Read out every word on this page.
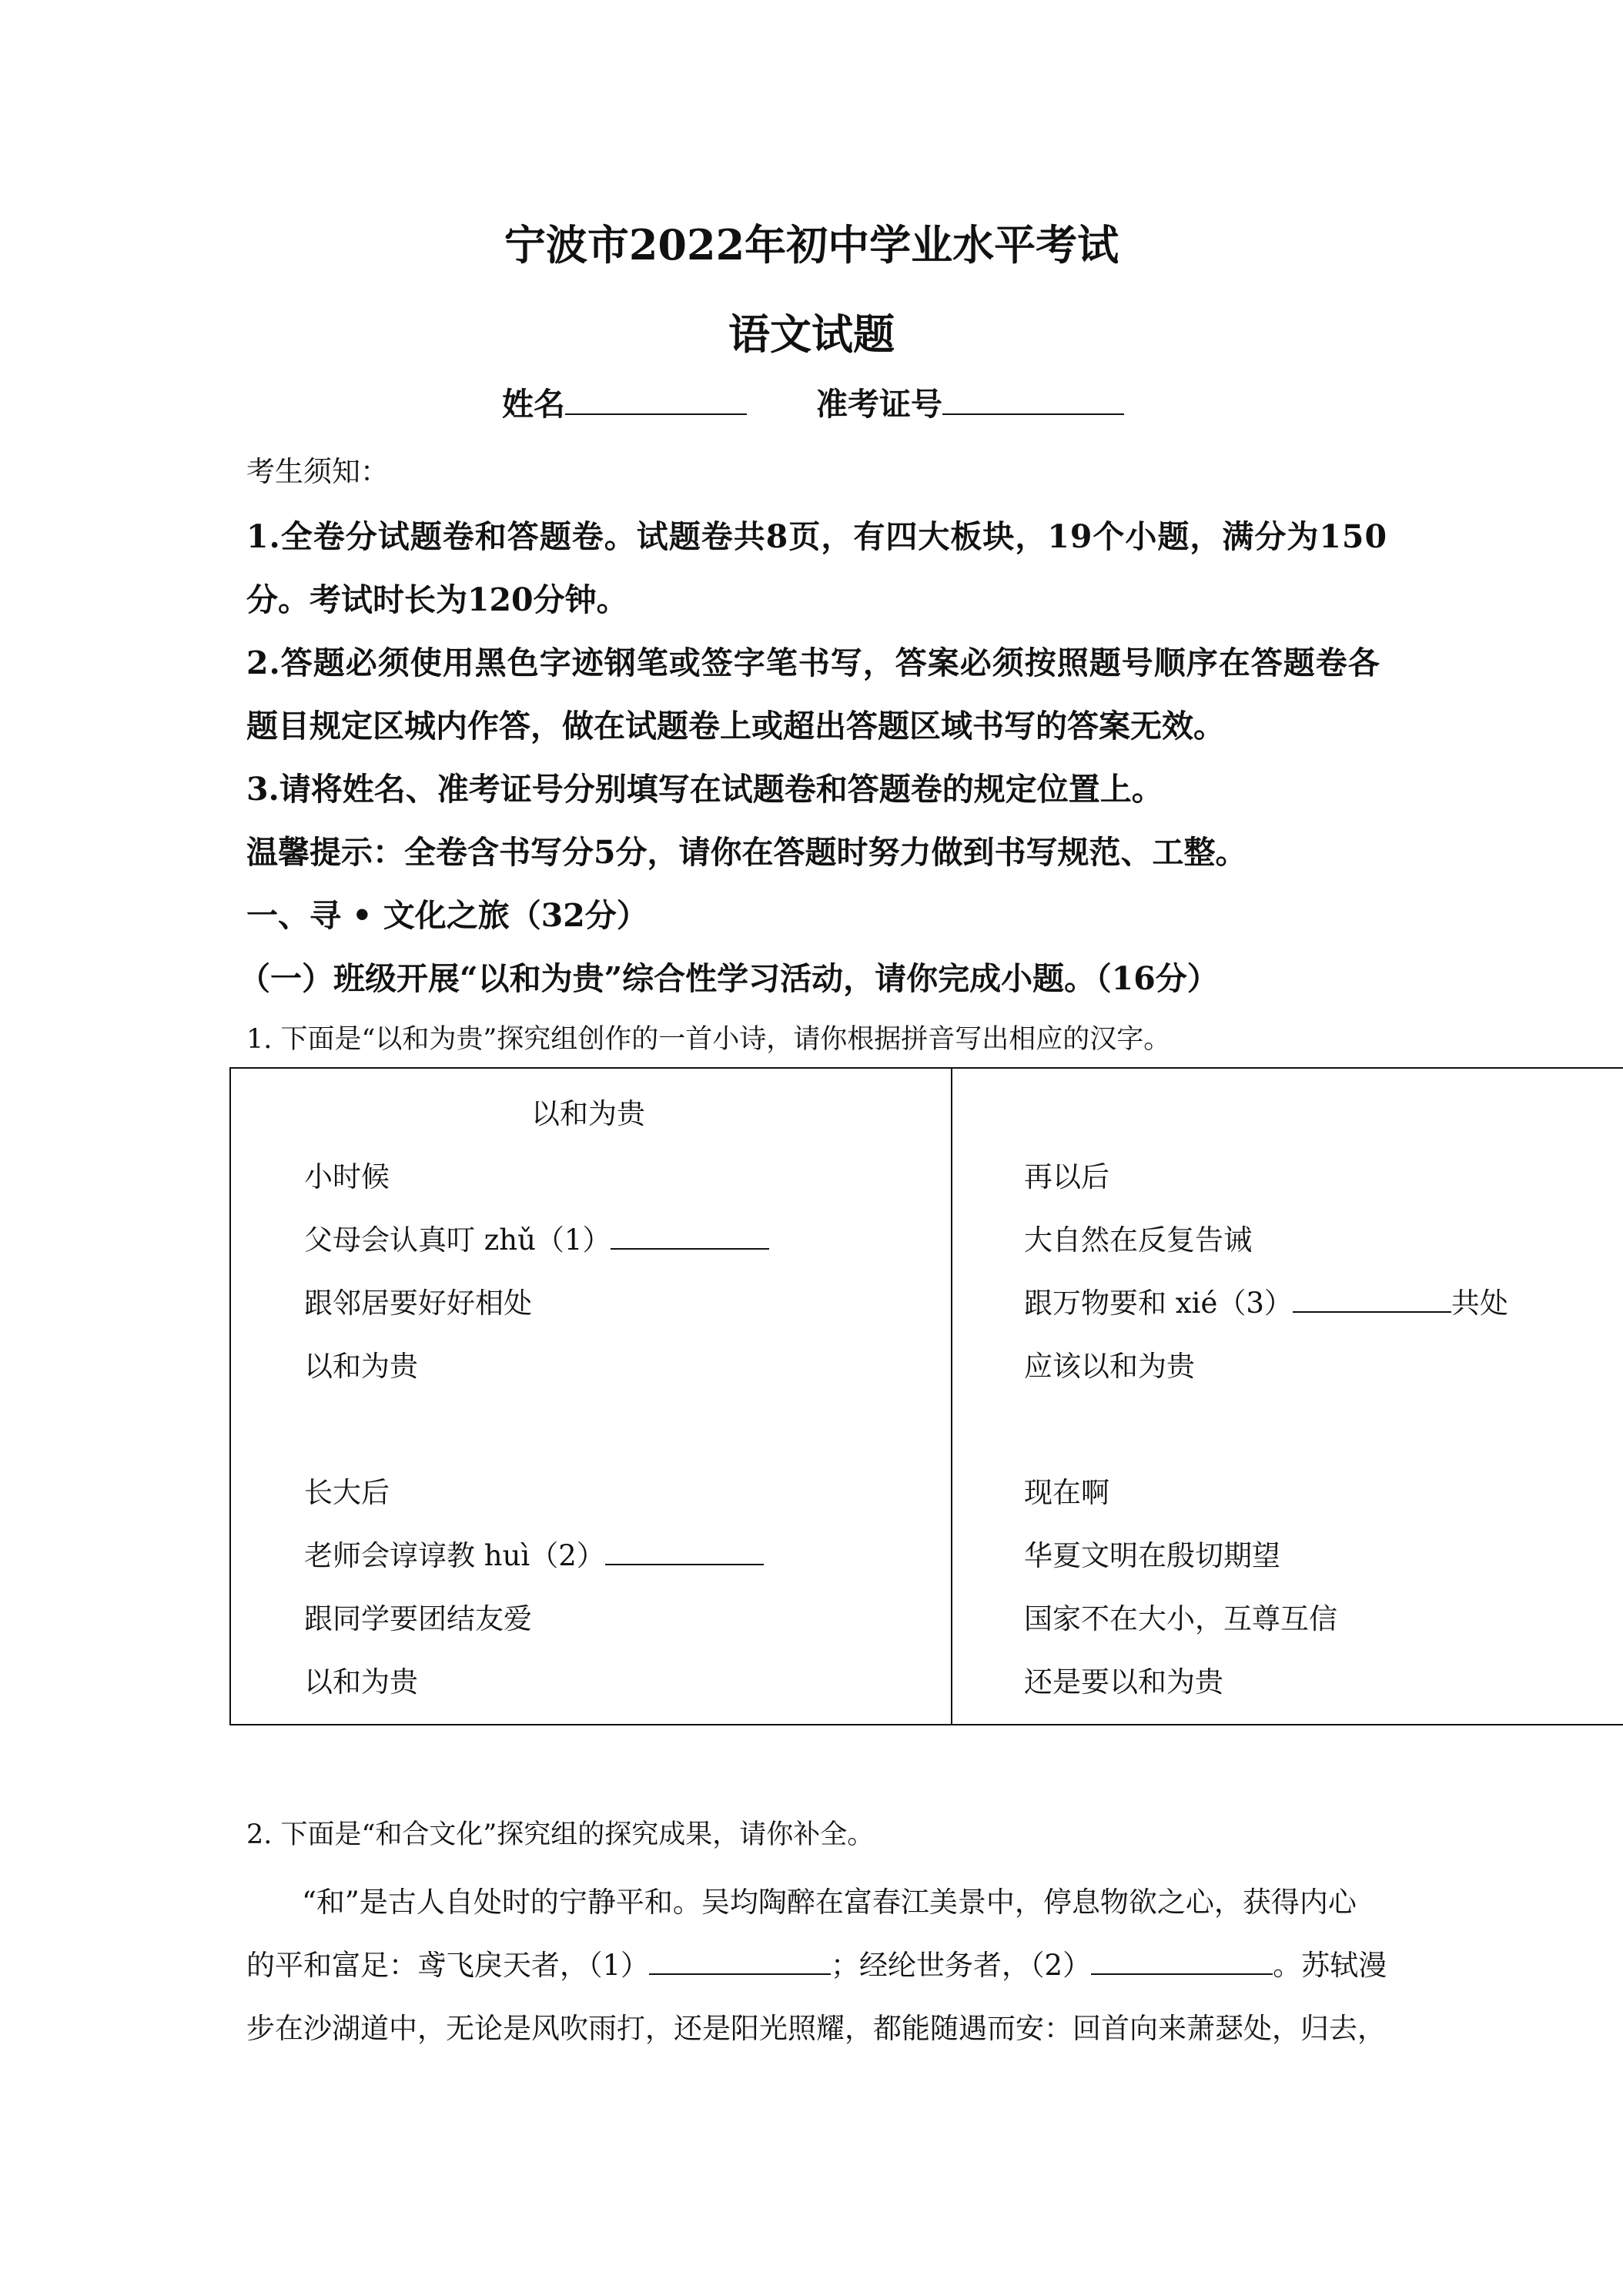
宁波市2022年初中学业水平考试
语文试题
姓名	准考证号
考生须知：
1.全卷分试题卷和答题卷。试题卷共8页，有四大板块，19个小题，满分为150
分。考试时长为120分钟。
2.答题必须使用黑色字迹钢笔或签字笔书写，答案必须按照题号顺序在答题卷各
题目规定区城内作答，做在试题卷上或超出答题区域书写的答案无效。
3.请将姓名、准考证号分别填写在试题卷和答题卷的规定位置上。
温馨提示：全卷含书写分5分，请你在答题时努力做到书写规范、工整。
一、寻 • 文化之旅（32分）
（一）班级开展“以和为贵”综合性学习活动，请你完成小题。（16分）
1. 下面是“以和为贵”探究组创作的一首小诗，请你根据拼音写出相应的汉字。
以和为贵
小时候
父母会认真叮 zhǔ（1）
跟邻居要好好相处
以和为贵
长大后
老师会谆谆教 huì（2）
跟同学要团结友爱
以和为贵
再以后
大自然在反复告诫
跟万物要和 xié（3）	共处
应该以和为贵
现在啊
华夏文明在殷切期望
国家不在大小，互尊互信
还是要以和为贵
2. 下面是“和合文化”探究组的探究成果，请你补全。
“和”是古人自处时的宁静平和。吴均陶醉在富春江美景中，停息物欲之心，获得内心
的平和富足：鸢飞戾天者，（1）	；经纶世务者，（2）	。苏轼漫
步在沙湖道中，无论是风吹雨打，还是阳光照耀，都能随遇而安：回首向来萧瑟处，归去，
